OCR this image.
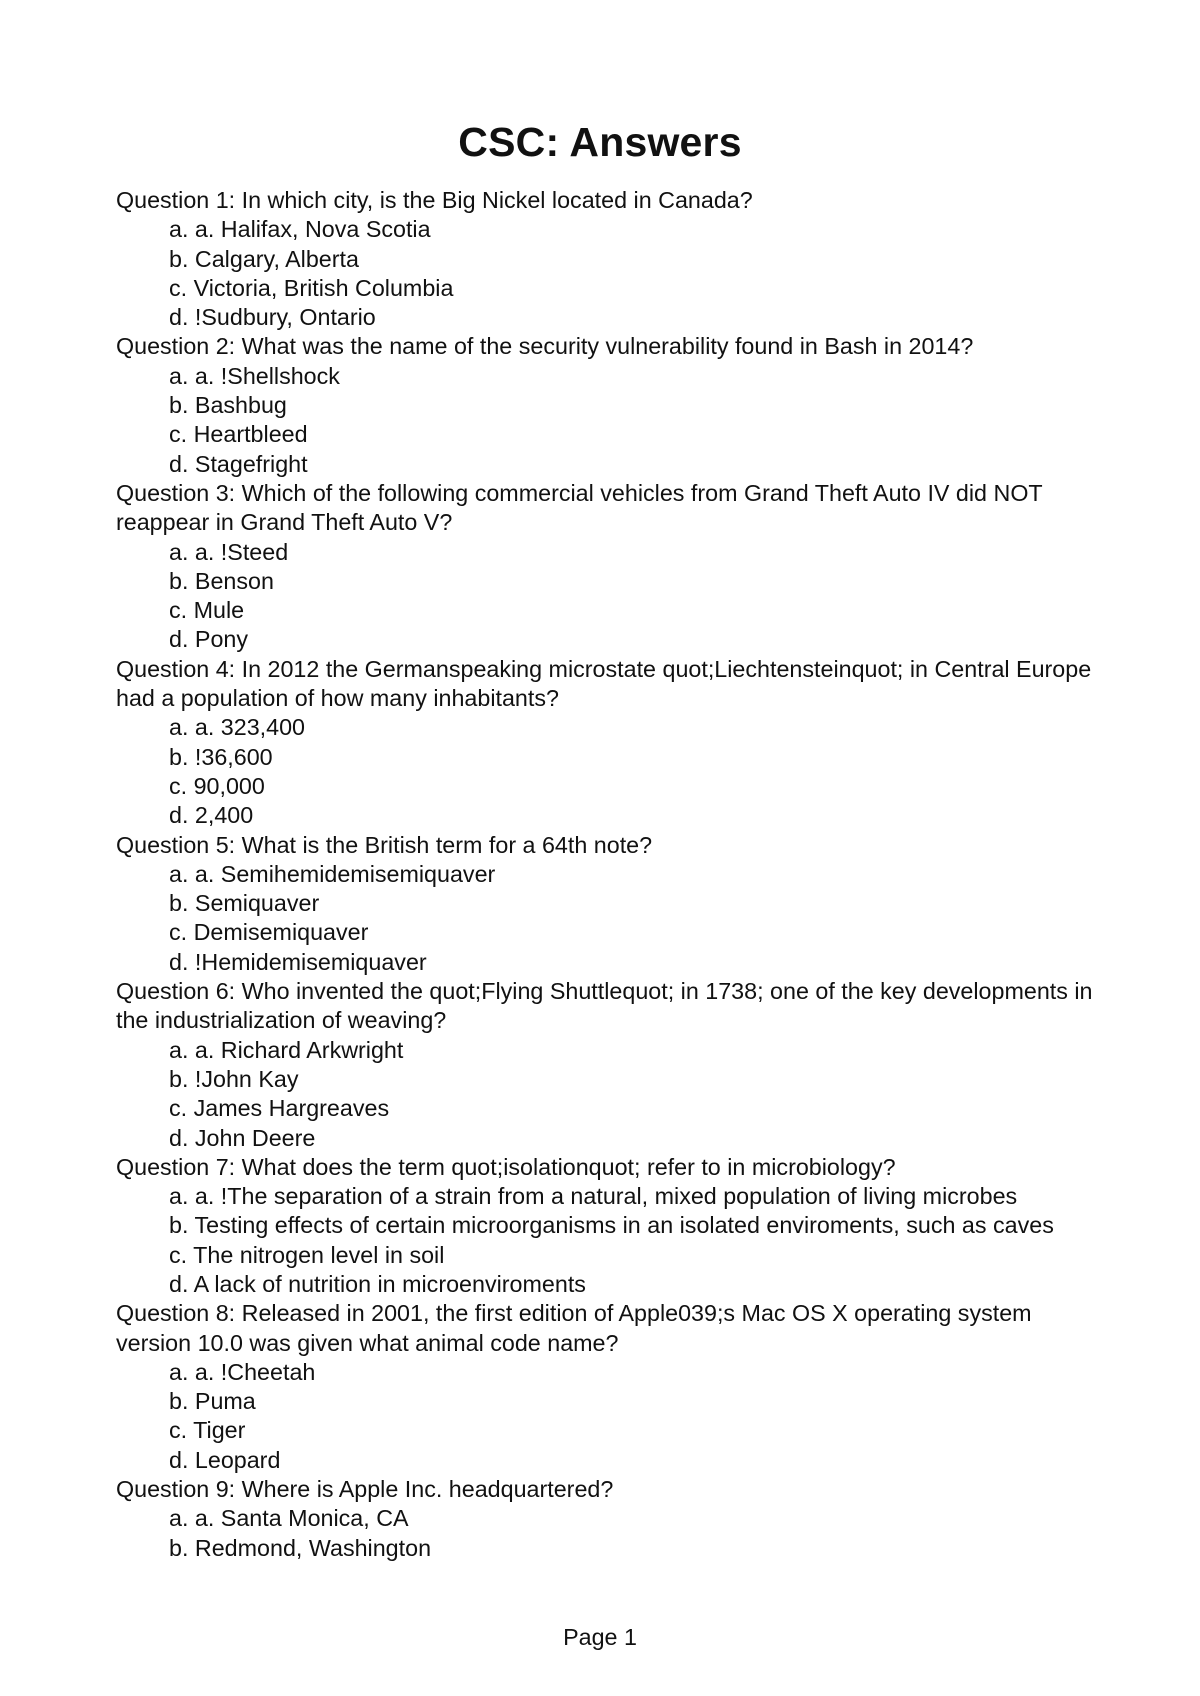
CSC: Answers
Question 1: In which city, is the Big Nickel located in Canada?
a. a. Halifax, Nova Scotia
b. Calgary, Alberta
c. Victoria, British Columbia
d. !Sudbury, Ontario
Question 2: What was the name of the security vulnerability found in Bash in 2014?
a. a. !Shellshock
b. Bashbug
c. Heartbleed
d. Stagefright
Question 3: Which of the following commercial vehicles from Grand Theft Auto IV did NOT reappear in Grand Theft Auto V?
a. a. !Steed
b. Benson
c. Mule
d. Pony
Question 4: In 2012 the Germanspeaking microstate quot;Liechtensteinquot; in Central Europe had a population of how many inhabitants?
a. a. 323,400
b. !36,600
c. 90,000
d. 2,400
Question 5: What is the British term for a 64th note?
a. a. Semihemidemisemiquaver
b. Semiquaver
c. Demisemiquaver
d. !Hemidemisemiquaver
Question 6: Who invented the quot;Flying Shuttlequot; in 1738; one of the key developments in the industrialization of weaving?
a. a. Richard Arkwright
b. !John Kay
c. James Hargreaves
d. John Deere
Question 7: What does the term quot;isolationquot; refer to in microbiology?
a. a. !The separation of a strain from a natural, mixed population of living microbes
b. Testing effects of certain microorganisms in an isolated enviroments, such as caves
c. The nitrogen level in soil
d. A lack of nutrition in microenviroments
Question 8: Released in 2001, the first edition of Apple039;s Mac OS X operating system version 10.0 was given what animal code name?
a. a. !Cheetah
b. Puma
c. Tiger
d. Leopard
Question 9: Where is Apple Inc. headquartered?
a. a. Santa Monica, CA
b. Redmond, Washington
Page 1
